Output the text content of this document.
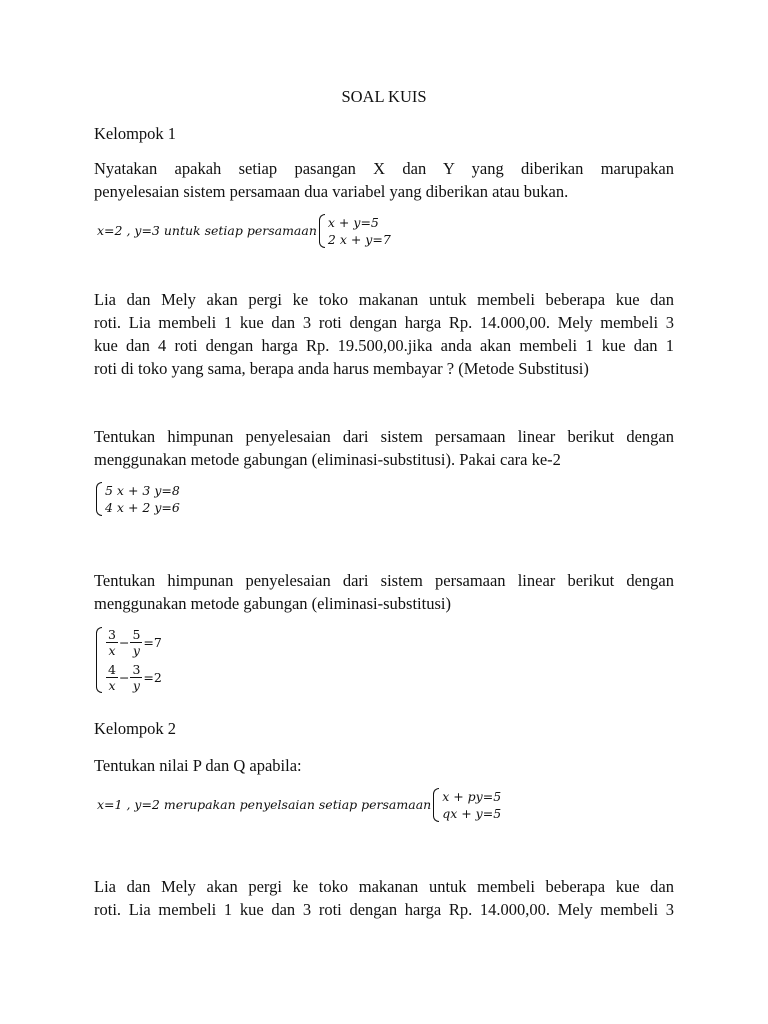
SOAL KUIS
Kelompok 1
Nyatakan apakah setiap pasangan X dan Y yang diberikan marupakan
penyelesaian sistem persamaan dua variabel yang diberikan atau bukan.
x=2 , y=3 untuk setiap persamaan
x + y=5
2 x + y=7
Lia dan Mely akan pergi ke toko makanan untuk membeli beberapa kue dan
roti. Lia membeli 1 kue dan 3 roti dengan harga Rp. 14.000,00. Mely membeli 3
kue dan 4 roti dengan harga Rp. 19.500,00.jika anda akan membeli 1 kue dan 1
roti di toko yang sama, berapa anda harus membayar ? (Metode Substitusi)
Tentukan himpunan penyelesaian dari sistem persamaan linear berikut dengan
menggunakan metode gabungan (eliminasi-substitusi). Pakai cara ke-2
5 x + 3 y=8
4 x + 2 y=6
Tentukan himpunan penyelesaian dari sistem persamaan linear berikut dengan
menggunakan metode gabungan (eliminasi-substitusi)
$\frac{3}{x} - \frac{5}{y} =7$
$\frac{4}{x} - \frac{3}{y} =2$
Kelompok 2
Tentukan nilai P dan Q apabila:
x=1 , y=2 merupakan penyelsaian setiap persamaan
x + py=5
qx + y=5
Lia dan Mely akan pergi ke toko makanan untuk membeli beberapa kue dan
roti. Lia membeli 1 kue dan 3 roti dengan harga Rp. 14.000,00. Mely membeli 3
